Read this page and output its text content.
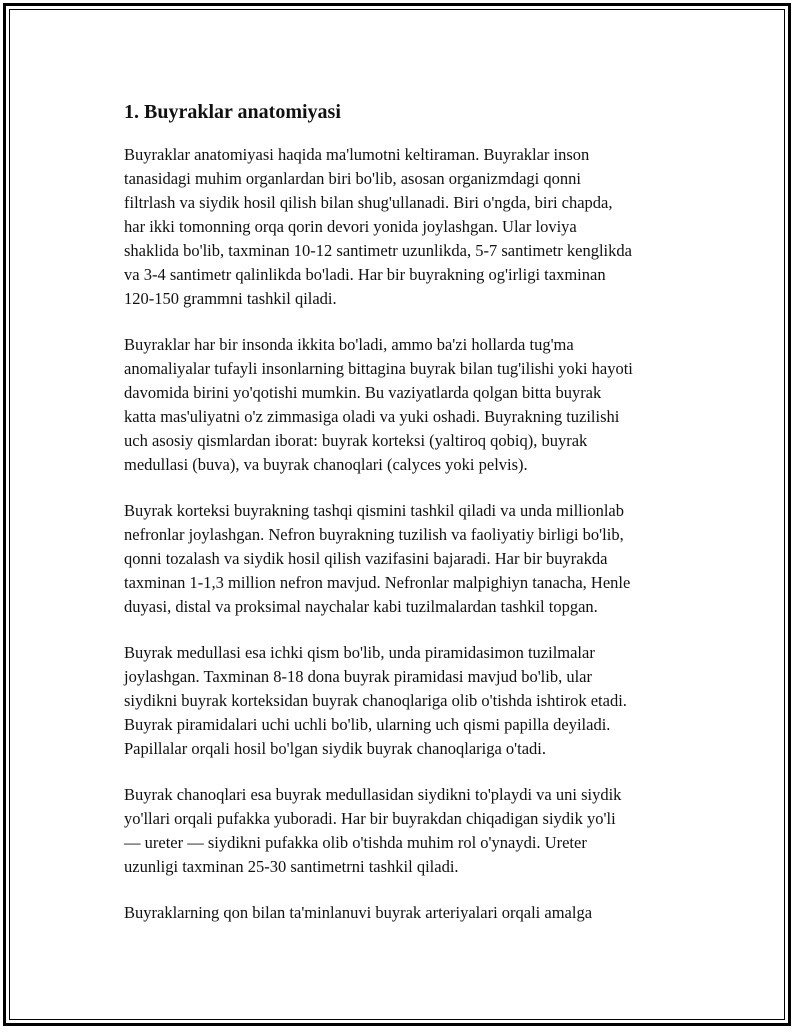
1. Buyraklar anatomiyasi

Buyraklar anatomiyasi haqida ma'lumotni keltiraman. Buyraklar inson
tanasidagi muhim organlardan biri bo'lib, asosan organizmdagi qonni
filtrlash va siydik hosil qilish bilan shug'ullanadi. Biri o'ngda, biri chapda,
har ikki tomonning orqa qorin devori yonida joylashgan. Ular loviya
shaklida bo'lib, taxminan 10-12 santimetr uzunlikda, 5-7 santimetr kenglikda
va 3-4 santimetr qalinlikda bo'ladi. Har bir buyrakning og'irligi taxminan
120-150 grammni tashkil qiladi.

Buyraklar har bir insonda ikkita bo'ladi, ammo ba'zi hollarda tug'ma
anomaliyalar tufayli insonlarning bittagina buyrak bilan tug'ilishi yoki hayoti
davomida birini yo'qotishi mumkin. Bu vaziyatlarda qolgan bitta buyrak
katta mas'uliyatni o'z zimmasiga oladi va yuki oshadi. Buyrakning tuzilishi
uch asosiy qismlardan iborat: buyrak korteksi (yaltiroq qobiq), buyrak
medullasi (buva), va buyrak chanoqlari (calyces yoki pelvis).

Buyrak korteksi buyrakning tashqi qismini tashkil qiladi va unda millionlab
nefronlar joylashgan. Nefron buyrakning tuzilish va faoliyatiy birligi bo'lib,
qonni tozalash va siydik hosil qilish vazifasini bajaradi. Har bir buyrakda
taxminan 1-1,3 million nefron mavjud. Nefronlar malpighiyn tanacha, Henle
duyasi, distal va proksimal naychalar kabi tuzilmalardan tashkil topgan.

Buyrak medullasi esa ichki qism bo'lib, unda piramidasimon tuzilmalar
joylashgan. Taxminan 8-18 dona buyrak piramidasi mavjud bo'lib, ular
siydikni buyrak korteksidan buyrak chanoqlariga olib o'tishda ishtirok etadi.
Buyrak piramidalari uchi uchli bo'lib, ularning uch qismi papilla deyiladi.
Papillalar orqali hosil bo'lgan siydik buyrak chanoqlariga o'tadi.

Buyrak chanoqlari esa buyrak medullasidan siydikni to'playdi va uni siydik
yo'llari orqali pufakka yuboradi. Har bir buyrakdan chiqadigan siydik yo'li
— ureter — siydikni pufakka olib o'tishda muhim rol o'ynaydi. Ureter
uzunligi taxminan 25-30 santimetrni tashkil qiladi.

Buyraklarning qon bilan ta'minlanuvi buyrak arteriyalari orqali amalga
